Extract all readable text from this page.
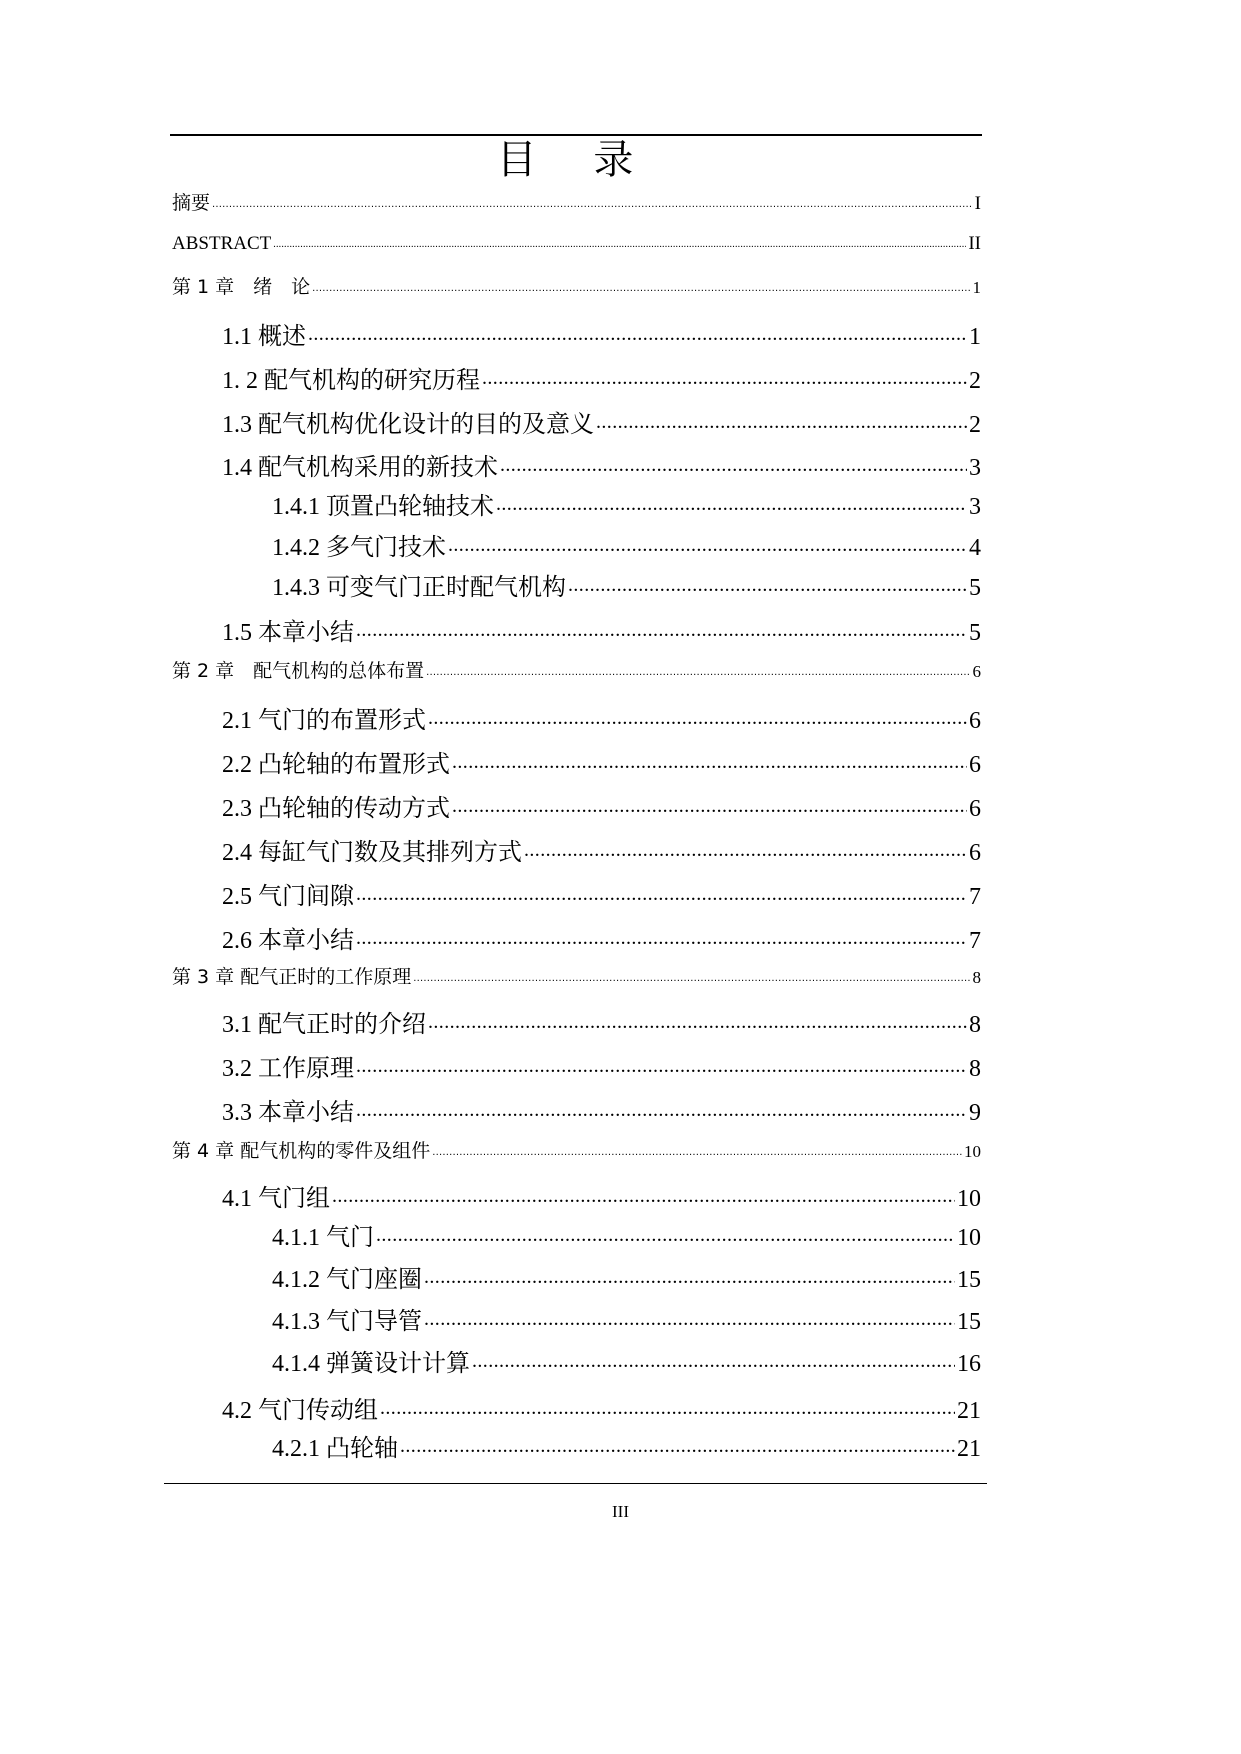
目 录
摘要 .....	I
ABSTRACT .....	II
第 1 章　绪　论 .....	1
1.1 概述 .....	1
1. 2 配气机构的研究历程 .....	2
1.3 配气机构优化设计的目的及意义 .....	2
1.4 配气机构采用的新技术 .....	3
1.4.1 顶置凸轮轴技术 .....	3
1.4.2 多气门技术 .....	4
1.4.3 可变气门正时配气机构 .....	5
1.5 本章小结 .....	5
第 2 章　配气机构的总体布置 .....	6
2.1 气门的布置形式 .....	6
2.2 凸轮轴的布置形式 .....	6
2.3 凸轮轴的传动方式 .....	6
2.4 每缸气门数及其排列方式 .....	6
2.5 气门间隙 .....	7
2.6 本章小结 .....	7
第 3 章 配气正时的工作原理 .....	8
3.1 配气正时的介绍 .....	8
3.2 工作原理 .....	8
3.3 本章小结 .....	9
第 4 章 配气机构的零件及组件 .....	10
4.1 气门组 .....	10
4.1.1 气门 .....	10
4.1.2 气门座圈 .....	15
4.1.3 气门导管 .....	15
4.1.4 弹簧设计计算 .....	16
4.2 气门传动组 .....	21
4.2.1 凸轮轴 .....	21
III
